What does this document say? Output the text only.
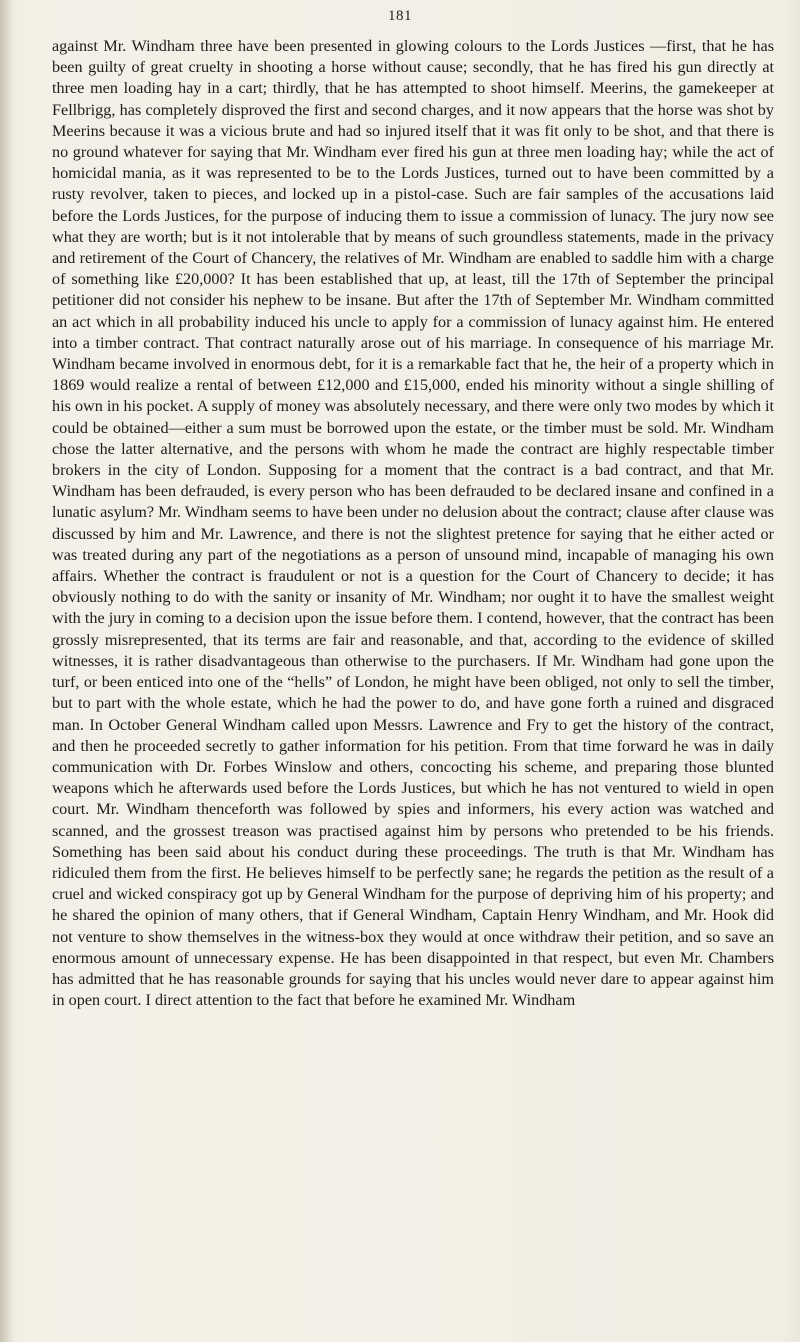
181

against Mr. Windham three have been presented in glowing colours to the Lords Justices —first, that he has been guilty of great cruelty in shooting a horse without cause; secondly, that he has fired his gun directly at three men loading hay in a cart; thirdly, that he has attempted to shoot himself. Meerins, the gamekeeper at Fellbrigg, has completely disproved the first and second charges, and it now appears that the horse was shot by Meerins because it was a vicious brute and had so injured itself that it was fit only to be shot, and that there is no ground whatever for saying that Mr. Windham ever fired his gun at three men loading hay; while the act of homicidal mania, as it was represented to be to the Lords Justices, turned out to have been committed by a rusty revolver, taken to pieces, and locked up in a pistol-case. Such are fair samples of the accusations laid before the Lords Justices, for the purpose of inducing them to issue a commission of lunacy. The jury now see what they are worth; but is it not intolerable that by means of such groundless statements, made in the privacy and retirement of the Court of Chancery, the relatives of Mr. Windham are enabled to saddle him with a charge of something like £20,000? It has been established that up, at least, till the 17th of September the principal petitioner did not consider his nephew to be insane. But after the 17th of September Mr. Windham committed an act which in all probability induced his uncle to apply for a commission of lunacy against him. He entered into a timber contract. That contract naturally arose out of his marriage. In consequence of his marriage Mr. Windham became involved in enormous debt, for it is a remarkable fact that he, the heir of a property which in 1869 would realize a rental of between £12,000 and £15,000, ended his minority without a single shilling of his own in his pocket. A supply of money was absolutely necessary, and there were only two modes by which it could be obtained—either a sum must be borrowed upon the estate, or the timber must be sold. Mr. Windham chose the latter alternative, and the persons with whom he made the contract are highly respectable timber brokers in the city of London. Supposing for a moment that the contract is a bad contract, and that Mr. Windham has been defrauded, is every person who has been defrauded to be declared insane and confined in a lunatic asylum? Mr. Windham seems to have been under no delusion about the contract; clause after clause was discussed by him and Mr. Lawrence, and there is not the slightest pretence for saying that he either acted or was treated during any part of the negotiations as a person of unsound mind, incapable of managing his own affairs. Whether the contract is fraudulent or not is a question for the Court of Chancery to decide; it has obviously nothing to do with the sanity or insanity of Mr. Windham; nor ought it to have the smallest weight with the jury in coming to a decision upon the issue before them. I contend, however, that the contract has been grossly misrepresented, that its terms are fair and reasonable, and that, according to the evidence of skilled witnesses, it is rather disadvantageous than otherwise to the purchasers. If Mr. Windham had gone upon the turf, or been enticed into one of the “hells” of London, he might have been obliged, not only to sell the timber, but to part with the whole estate, which he had the power to do, and have gone forth a ruined and disgraced man. In October General Windham called upon Messrs. Lawrence and Fry to get the history of the contract, and then he proceeded secretly to gather information for his petition. From that time forward he was in daily communication with Dr. Forbes Winslow and others, concocting his scheme, and preparing those blunted weapons which he afterwards used before the Lords Justices, but which he has not ventured to wield in open court. Mr. Windham thenceforth was followed by spies and informers, his every action was watched and scanned, and the grossest treason was practised against him by persons who pretended to be his friends. Something has been said about his conduct during these proceedings. The truth is that Mr. Windham has ridiculed them from the first. He believes himself to be perfectly sane; he regards the petition as the result of a cruel and wicked conspiracy got up by General Windham for the purpose of depriving him of his property; and he shared the opinion of many others, that if General Windham, Captain Henry Windham, and Mr. Hook did not venture to show themselves in the witness-box they would at once withdraw their petition, and so save an enormous amount of unnecessary expense. He has been disappointed in that respect, but even Mr. Chambers has admitted that he has reasonable grounds for saying that his uncles would never dare to appear against him in open court. I direct attention to the fact that before he examined Mr. Windham
